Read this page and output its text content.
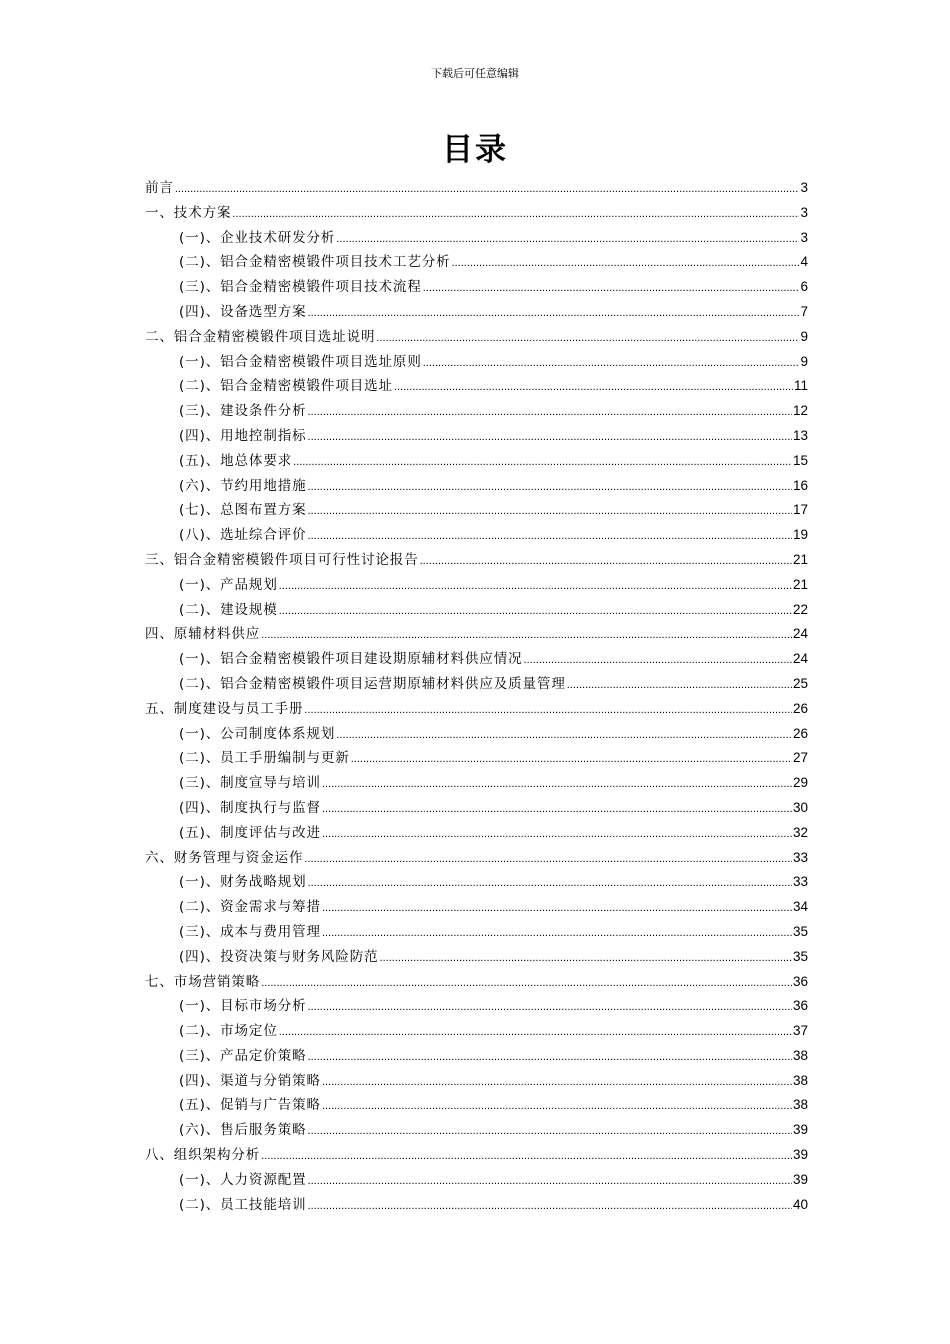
下载后可任意编辑
目录
前言 .....	3
一、技术方案 .....	3
(一)、企业技术研发分析 .....	3
(二)、铝合金精密模锻件项目技术工艺分析 .....	4
(三)、铝合金精密模锻件项目技术流程 .....	6
(四)、设备选型方案 .....	7
二、铝合金精密模锻件项目选址说明 .....	9
(一)、铝合金精密模锻件项目选址原则 .....	9
(二)、铝合金精密模锻件项目选址 .....	11
(三)、建设条件分析 .....	12
(四)、用地控制指标 .....	13
(五)、地总体要求 .....	15
(六)、节约用地措施 .....	16
(七)、总图布置方案 .....	17
(八)、选址综合评价 .....	19
三、铝合金精密模锻件项目可行性讨论报告 .....	21
(一)、产品规划 .....	21
(二)、建设规模 .....	22
四、原辅材料供应 .....	24
(一)、铝合金精密模锻件项目建设期原辅材料供应情况 .....	24
(二)、铝合金精密模锻件项目运营期原辅材料供应及质量管理 .....	25
五、制度建设与员工手册 .....	26
(一)、公司制度体系规划 .....	26
(二)、员工手册编制与更新 .....	27
(三)、制度宣导与培训 .....	29
(四)、制度执行与监督 .....	30
(五)、制度评估与改进 .....	32
六、财务管理与资金运作 .....	33
(一)、财务战略规划 .....	33
(二)、资金需求与筹措 .....	34
(三)、成本与费用管理 .....	35
(四)、投资决策与财务风险防范 .....	35
七、市场营销策略 .....	36
(一)、目标市场分析 .....	36
(二)、市场定位 .....	37
(三)、产品定价策略 .....	38
(四)、渠道与分销策略 .....	38
(五)、促销与广告策略 .....	38
(六)、售后服务策略 .....	39
八、组织架构分析 .....	39
(一)、人力资源配置 .....	39
(二)、员工技能培训 .....	40
